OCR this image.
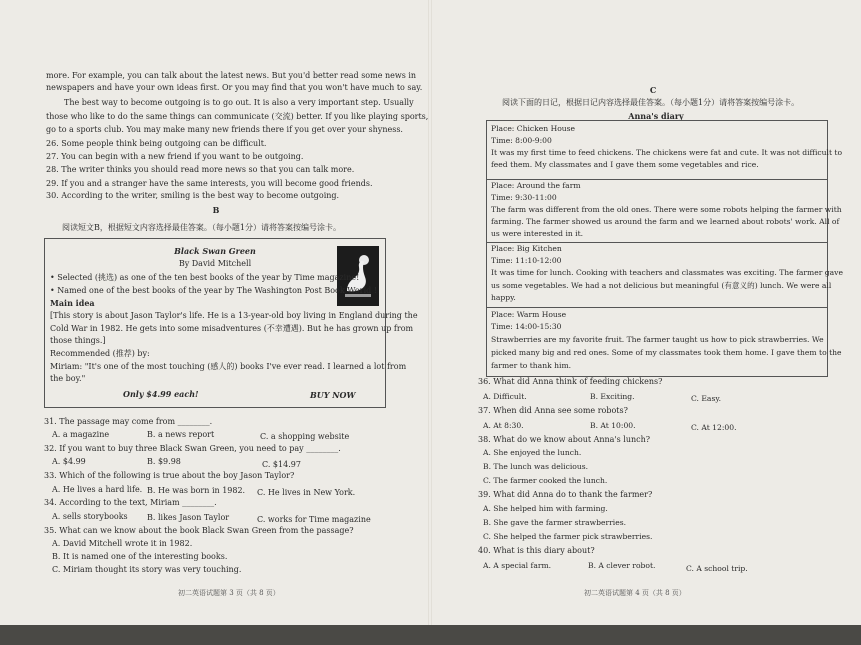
more. For example, you can talk about the latest news. But you'd better read some news in
newspapers and have your own ideas first. Or you may find that you won't have much to say.
The best way to become outgoing is to go out. It is also a very important step. Usually
those who like to do the same things can communicate (交流) better. If you like playing sports,
go to a sports club. You may make many new friends there if you get over your shyness.
26. Some people think being outgoing can be difficult.
27. You can begin with a new friend if you want to be outgoing.
28. The writer thinks you should read more news so that you can talk more.
29. If you and a stranger have the same interests, you will become good friends.
30. According to the writer, smiling is the best way to become outgoing.
B
阅读短文B，根据短文内容选择最佳答案。（每小题1分）请将答案按编号涂卡。
Black Swan Green
By David Mitchell
• Selected (挑选) as one of the ten best books of the year by Time magazine!
• Named one of the best books of the year by The Washington Post Book World !
Main idea
[This story is about Jason Taylor's life. He is a 13-year-old boy living in England during the
Cold War in 1982. He gets into some misadventures (不幸遭遇). But he has grown up from
those things.]
Recommended (推荐) by:
Miriam: "It's one of the most touching (感人的) books I've ever read. I learned a lot from
the boy."
Only $4.99 each!	BUY NOW
31. The passage may come from ________.
A. a magazine	B. a news report	C. a shopping website
32. If you want to buy three Black Swan Green, you need to pay ________.
A. $4.99	B. $9.98	C. $14.97
33. Which of the following is true about the boy Jason Taylor?
A. He lives a hard life. B. He was born in 1982. C. He lives in New York.
34. According to the text, Miriam ________.
A. sells storybooks B. likes Jason Taylor	C. works for Time magazine
35. What can we know about the book Black Swan Green from the passage?
A. David Mitchell wrote it in 1982.
B. It is named one of the interesting books.
C. Miriam thought its story was very touching.
初二英语试题第 3 页（共 8 页）
C
阅读下面的日记，根据日记内容选择最佳答案。（每小题1分）请将答案按编号涂卡。
Anna's diary
Place: Chicken House
Time: 8:00-9:00
It was my first time to feed chickens. The chickens were fat and cute. It was not difficult to
feed them. My classmates and I gave them some vegetables and rice.
Place: Around the farm
Time: 9:30-11:00
The farm was different from the old ones. There were some robots helping the farmer with
farming. The farmer showed us around the farm and we learned about robots' work. All of
us were interested in it.
Place: Big Kitchen
Time: 11:10-12:00
It was time for lunch. Cooking with teachers and classmates was exciting. The farmer gave
us some vegetables. We had a not delicious but meaningful (有意义的) lunch. We were all
happy.
Place: Warm House
Time: 14:00-15:30
Strawberries are my favorite fruit. The farmer taught us how to pick strawberries. We
picked many big and red ones. Some of my classmates took them home. I gave them to the
farmer to thank him.
36. What did Anna think of feeding chickens?
A. Difficult.	B. Exciting.	C. Easy.
37. When did Anna see some robots?
A. At 8:30.	B. At 10:00.	C. At 12:00.
38. What do we know about Anna's lunch?
A. She enjoyed the lunch.
B. The lunch was delicious.
C. The farmer cooked the lunch.
39. What did Anna do to thank the farmer?
A. She helped him with farming.
B. She gave the farmer strawberries.
C. She helped the farmer pick strawberries.
40. What is this diary about?
A. A special farm.	B. A clever robot.	C. A school trip.
初二英语试题第 4 页（共 8 页）
